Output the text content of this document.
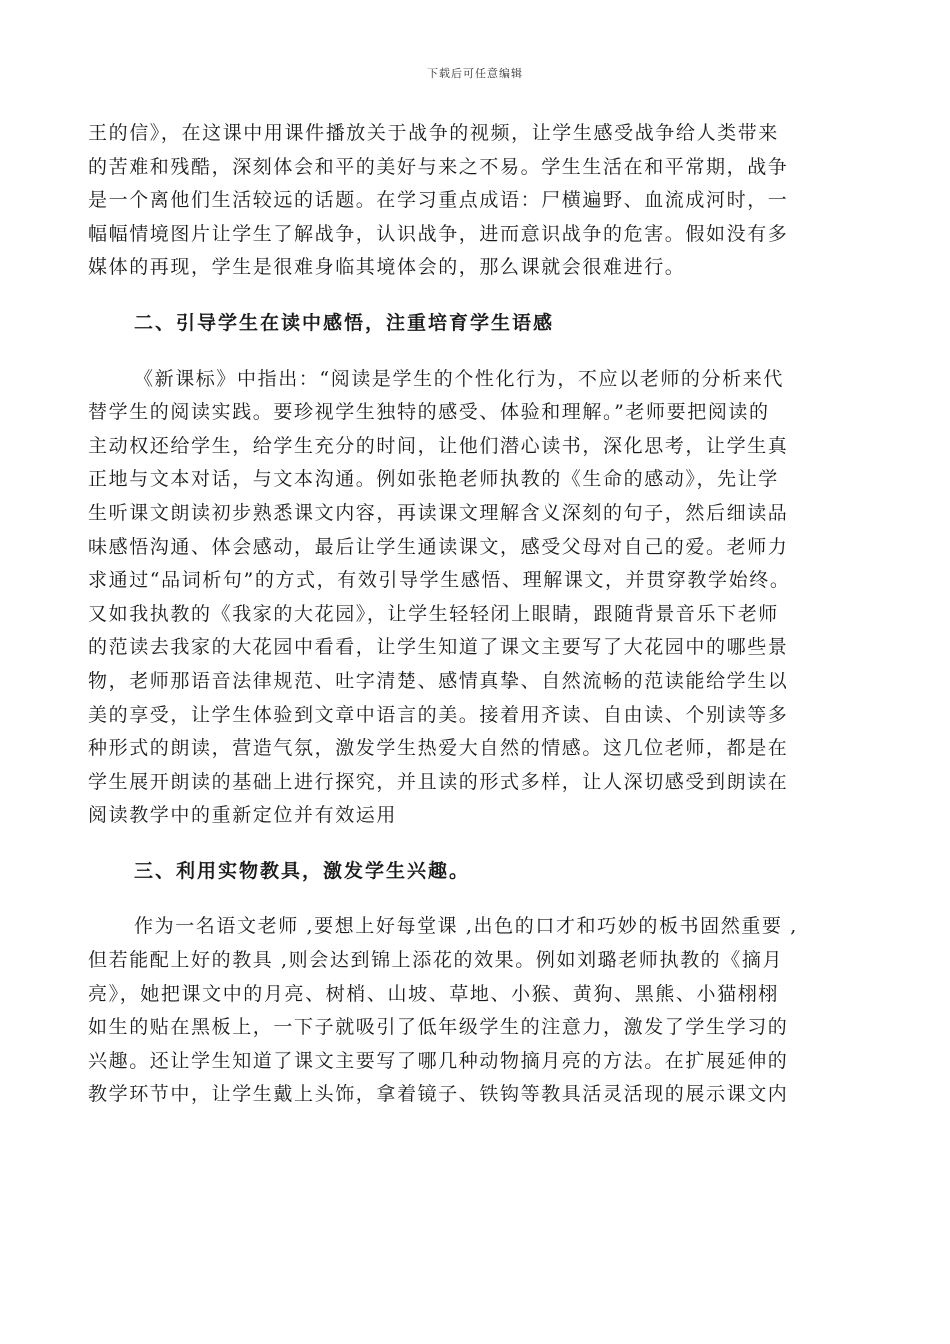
下载后可任意编辑
王的信》，在这课中用课件播放关于战争的视频，让学生感受战争给人类带来
的苦难和残酷，深刻体会和平的美好与来之不易。学生生活在和平常期，战争
是一个离他们生活较远的话题。在学习重点成语：尸横遍野、血流成河时，一
幅幅情境图片让学生了解战争，认识战争，进而意识战争的危害。假如没有多
媒体的再现，学生是很难身临其境体会的，那么课就会很难进行。
二、引导学生在读中感悟，注重培育学生语感
《新课标》中指出：“阅读是学生的个性化行为，不应以老师的分析来代
替学生的阅读实践。要珍视学生独特的感受、体验和理解。”老师要把阅读的
主动权还给学生，给学生充分的时间，让他们潜心读书，深化思考，让学生真
正地与文本对话，与文本沟通。例如张艳老师执教的《生命的感动》，先让学
生听课文朗读初步熟悉课文内容，再读课文理解含义深刻的句子，然后细读品
味感悟沟通、体会感动，最后让学生通读课文，感受父母对自己的爱。老师力
求通过“品词析句”的方式，有效引导学生感悟、理解课文，并贯穿教学始终。
又如我执教的《我家的大花园》，让学生轻轻闭上眼睛，跟随背景音乐下老师
的范读去我家的大花园中看看，让学生知道了课文主要写了大花园中的哪些景
物，老师那语音法律规范、吐字清楚、感情真挚、自然流畅的范读能给学生以
美的享受，让学生体验到文章中语言的美。接着用齐读、自由读、个别读等多
种形式的朗读，营造气氛，激发学生热爱大自然的情感。这几位老师，都是在
学生展开朗读的基础上进行探究，并且读的形式多样，让人深切感受到朗读在
阅读教学中的重新定位并有效运用
三、利用实物教具，激发学生兴趣。
作为一名语文老师 ,要想上好每堂课 ,出色的口才和巧妙的板书固然重要 ,
但若能配上好的教具 ,则会达到锦上添花的效果。例如刘璐老师执教的《摘月
亮》，她把课文中的月亮、树梢、山坡、草地、小猴、黄狗、黑熊、小猫栩栩
如生的贴在黑板上，一下子就吸引了低年级学生的注意力，激发了学生学习的
兴趣。还让学生知道了课文主要写了哪几种动物摘月亮的方法。在扩展延伸的
教学环节中，让学生戴上头饰，拿着镜子、铁钩等教具活灵活现的展示课文内
